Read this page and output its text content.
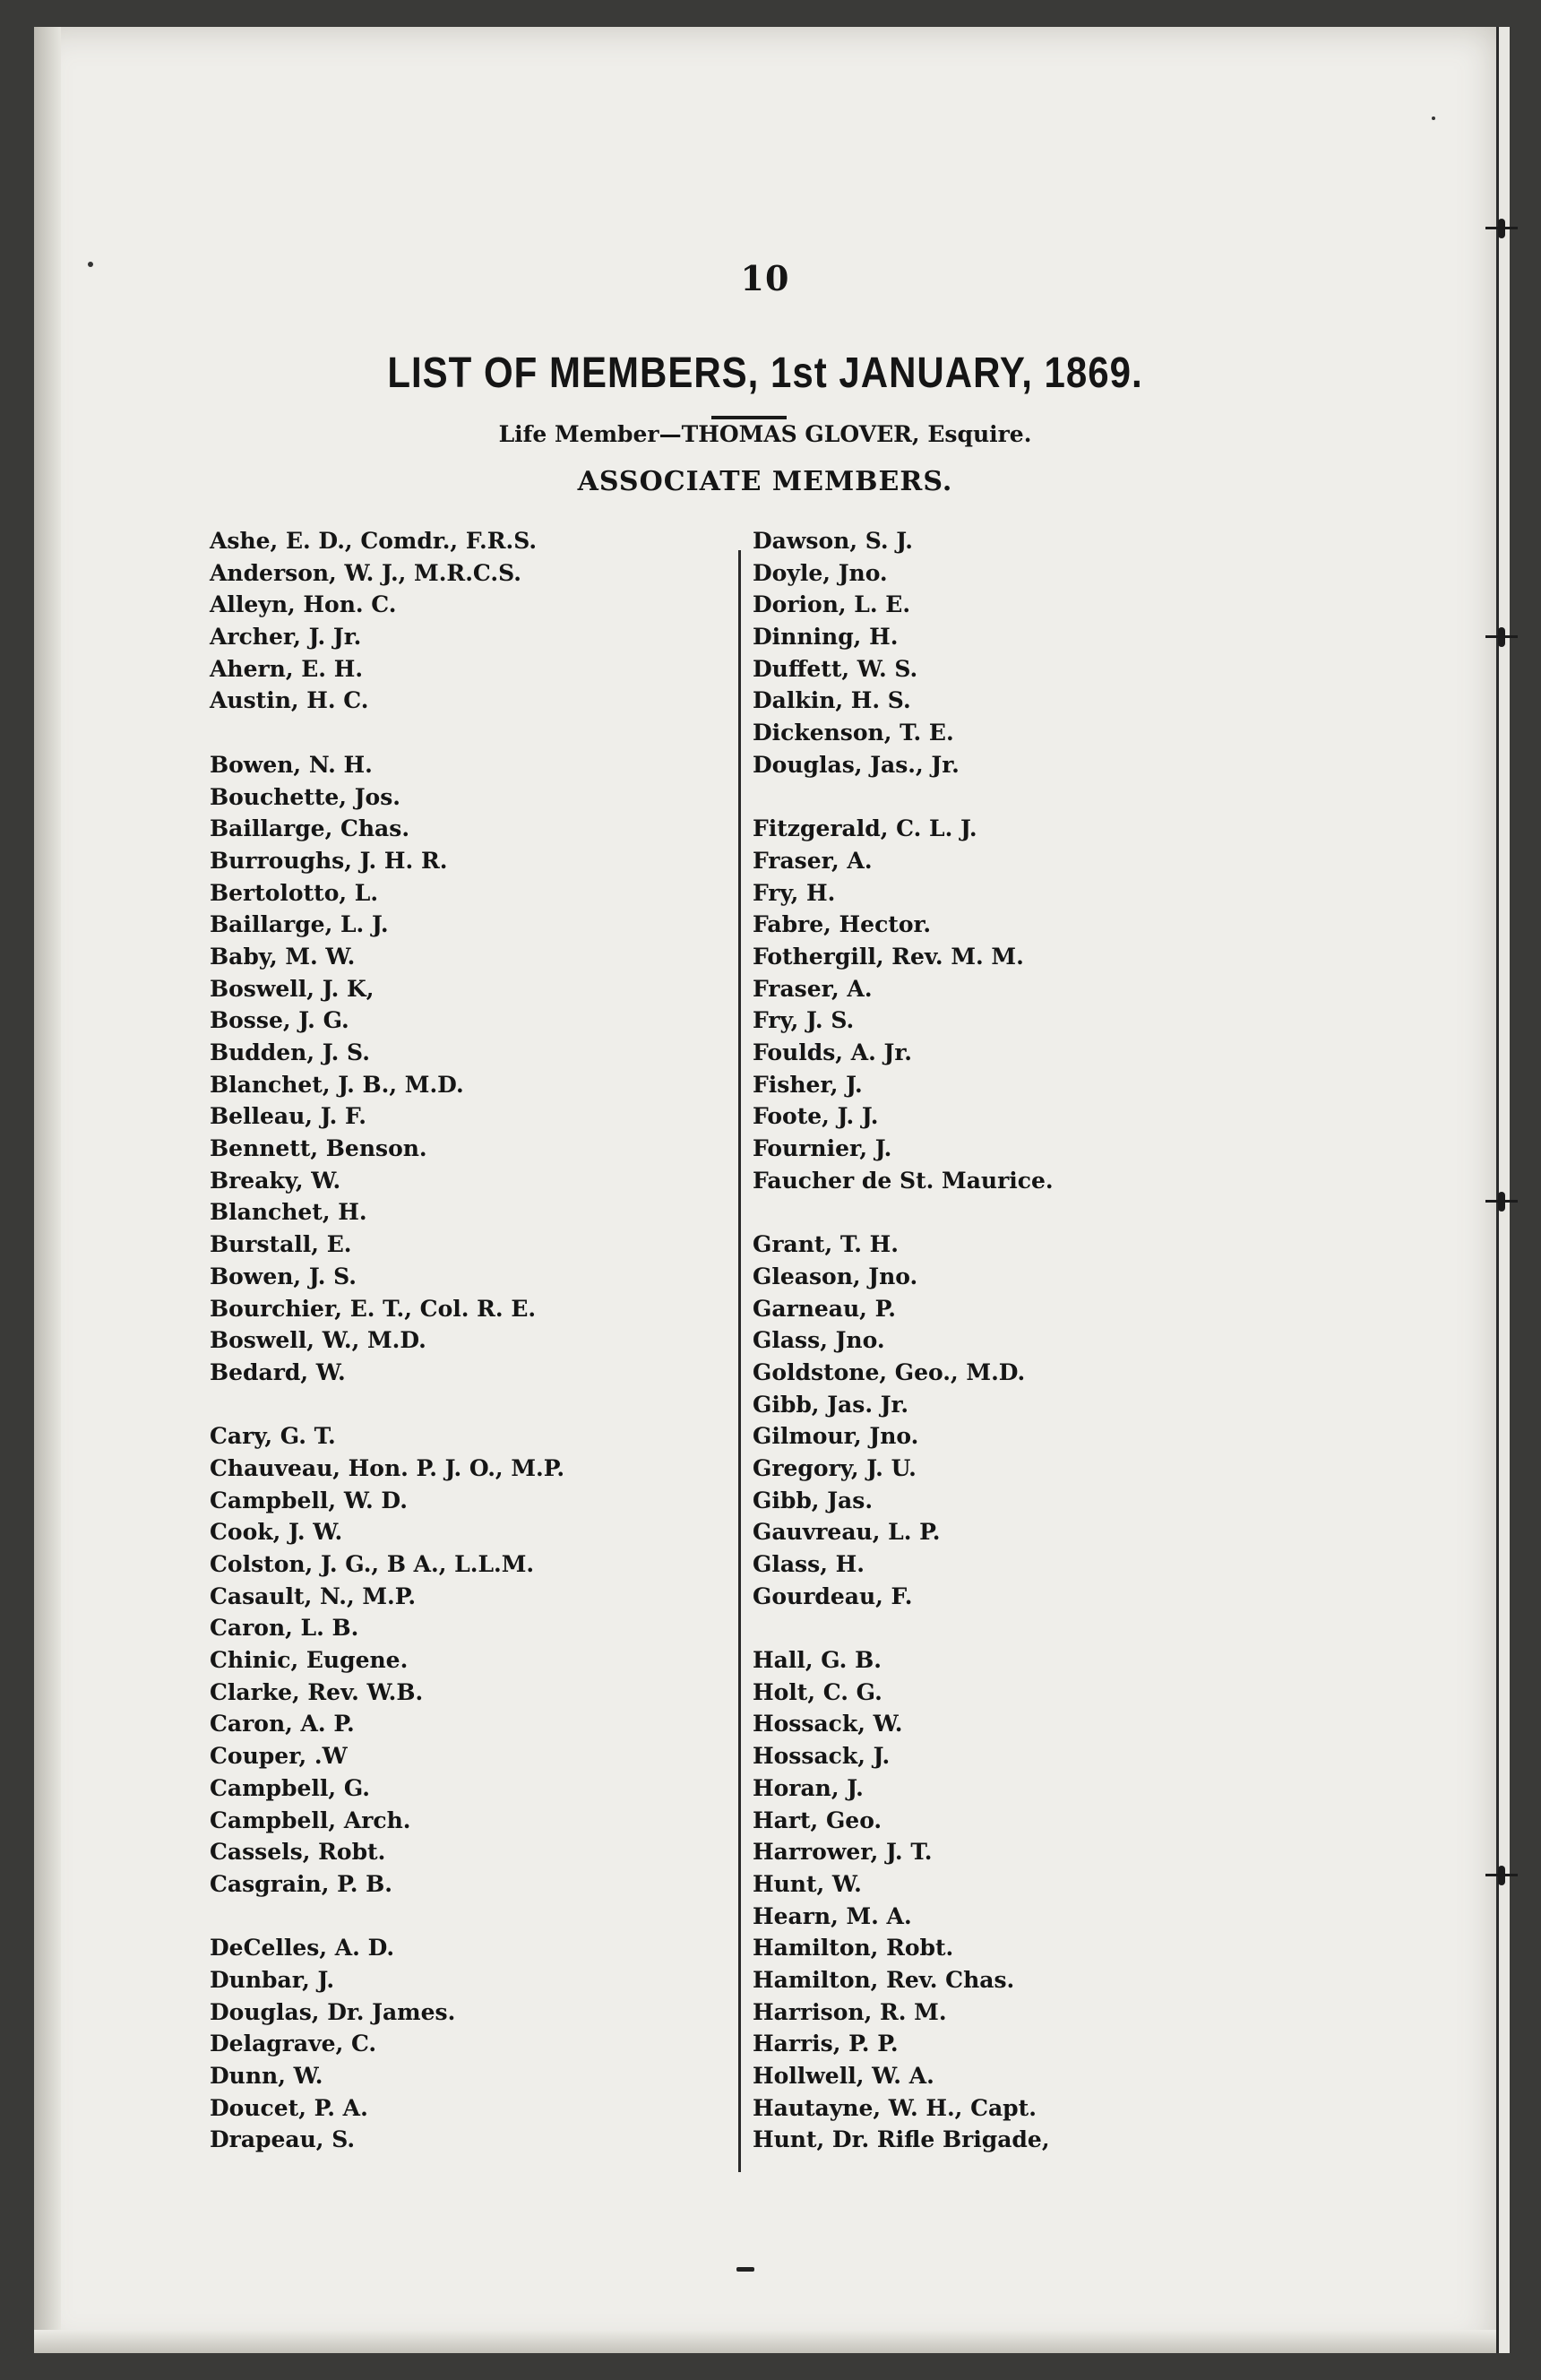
10
LIST OF MEMBERS, 1st JANUARY, 1869.
Life Member—THOMAS GLOVER, Esquire.
ASSOCIATE MEMBERS.
Ashe, E. D., Comdr., F.R.S.
Anderson, W. J., M.R.C.S.
Alleyn, Hon. C.
Archer, J. Jr.
Ahern, E. H.
Austin, H. C.
Bowen, N. H.
Bouchette, Jos.
Baillarge, Chas.
Burroughs, J. H. R.
Bertolotto, L.
Baillarge, L. J.
Baby, M. W.
Boswell, J. K,
Bosse, J. G.
Budden, J. S.
Blanchet, J. B., M.D.
Belleau, J. F.
Bennett, Benson.
Breaky, W.
Blanchet, H.
Burstall, E.
Bowen, J. S.
Bourchier, E. T., Col. R. E.
Boswell, W., M.D.
Bedard, W.
Cary, G. T.
Chauveau, Hon. P. J. O., M.P.
Campbell, W. D.
Cook, J. W.
Colston, J. G., B A., L.L.M.
Casault, N., M.P.
Caron, L. B.
Chinic, Eugene.
Clarke, Rev. W.B.
Caron, A. P.
Couper, .W
Campbell, G.
Campbell, Arch.
Cassels, Robt.
Casgrain, P. B.
DeCelles, A. D.
Dunbar, J.
Douglas, Dr. James.
Delagrave, C.
Dunn, W.
Doucet, P. A.
Drapeau, S.
Dawson, S. J.
Doyle, Jno.
Dorion, L. E.
Dinning, H.
Duffett, W. S.
Dalkin, H. S.
Dickenson, T. E.
Douglas, Jas., Jr.
Fitzgerald, C. L. J.
Fraser, A.
Fry, H.
Fabre, Hector.
Fothergill, Rev. M. M.
Fraser, A.
Fry, J. S.
Foulds, A. Jr.
Fisher, J.
Foote, J. J.
Fournier, J.
Faucher de St. Maurice.
Grant, T. H.
Gleason, Jno.
Garneau, P.
Glass, Jno.
Goldstone, Geo., M.D.
Gibb, Jas. Jr.
Gilmour, Jno.
Gregory, J. U.
Gibb, Jas.
Gauvreau, L. P.
Glass, H.
Gourdeau, F.
Hall, G. B.
Holt, C. G.
Hossack, W.
Hossack, J.
Horan, J.
Hart, Geo.
Harrower, J. T.
Hunt, W.
Hearn, M. A.
Hamilton, Robt.
Hamilton, Rev. Chas.
Harrison, R. M.
Harris, P. P.
Hollwell, W. A.
Hautayne, W. H., Capt.
Hunt, Dr. Rifle Brigade,
